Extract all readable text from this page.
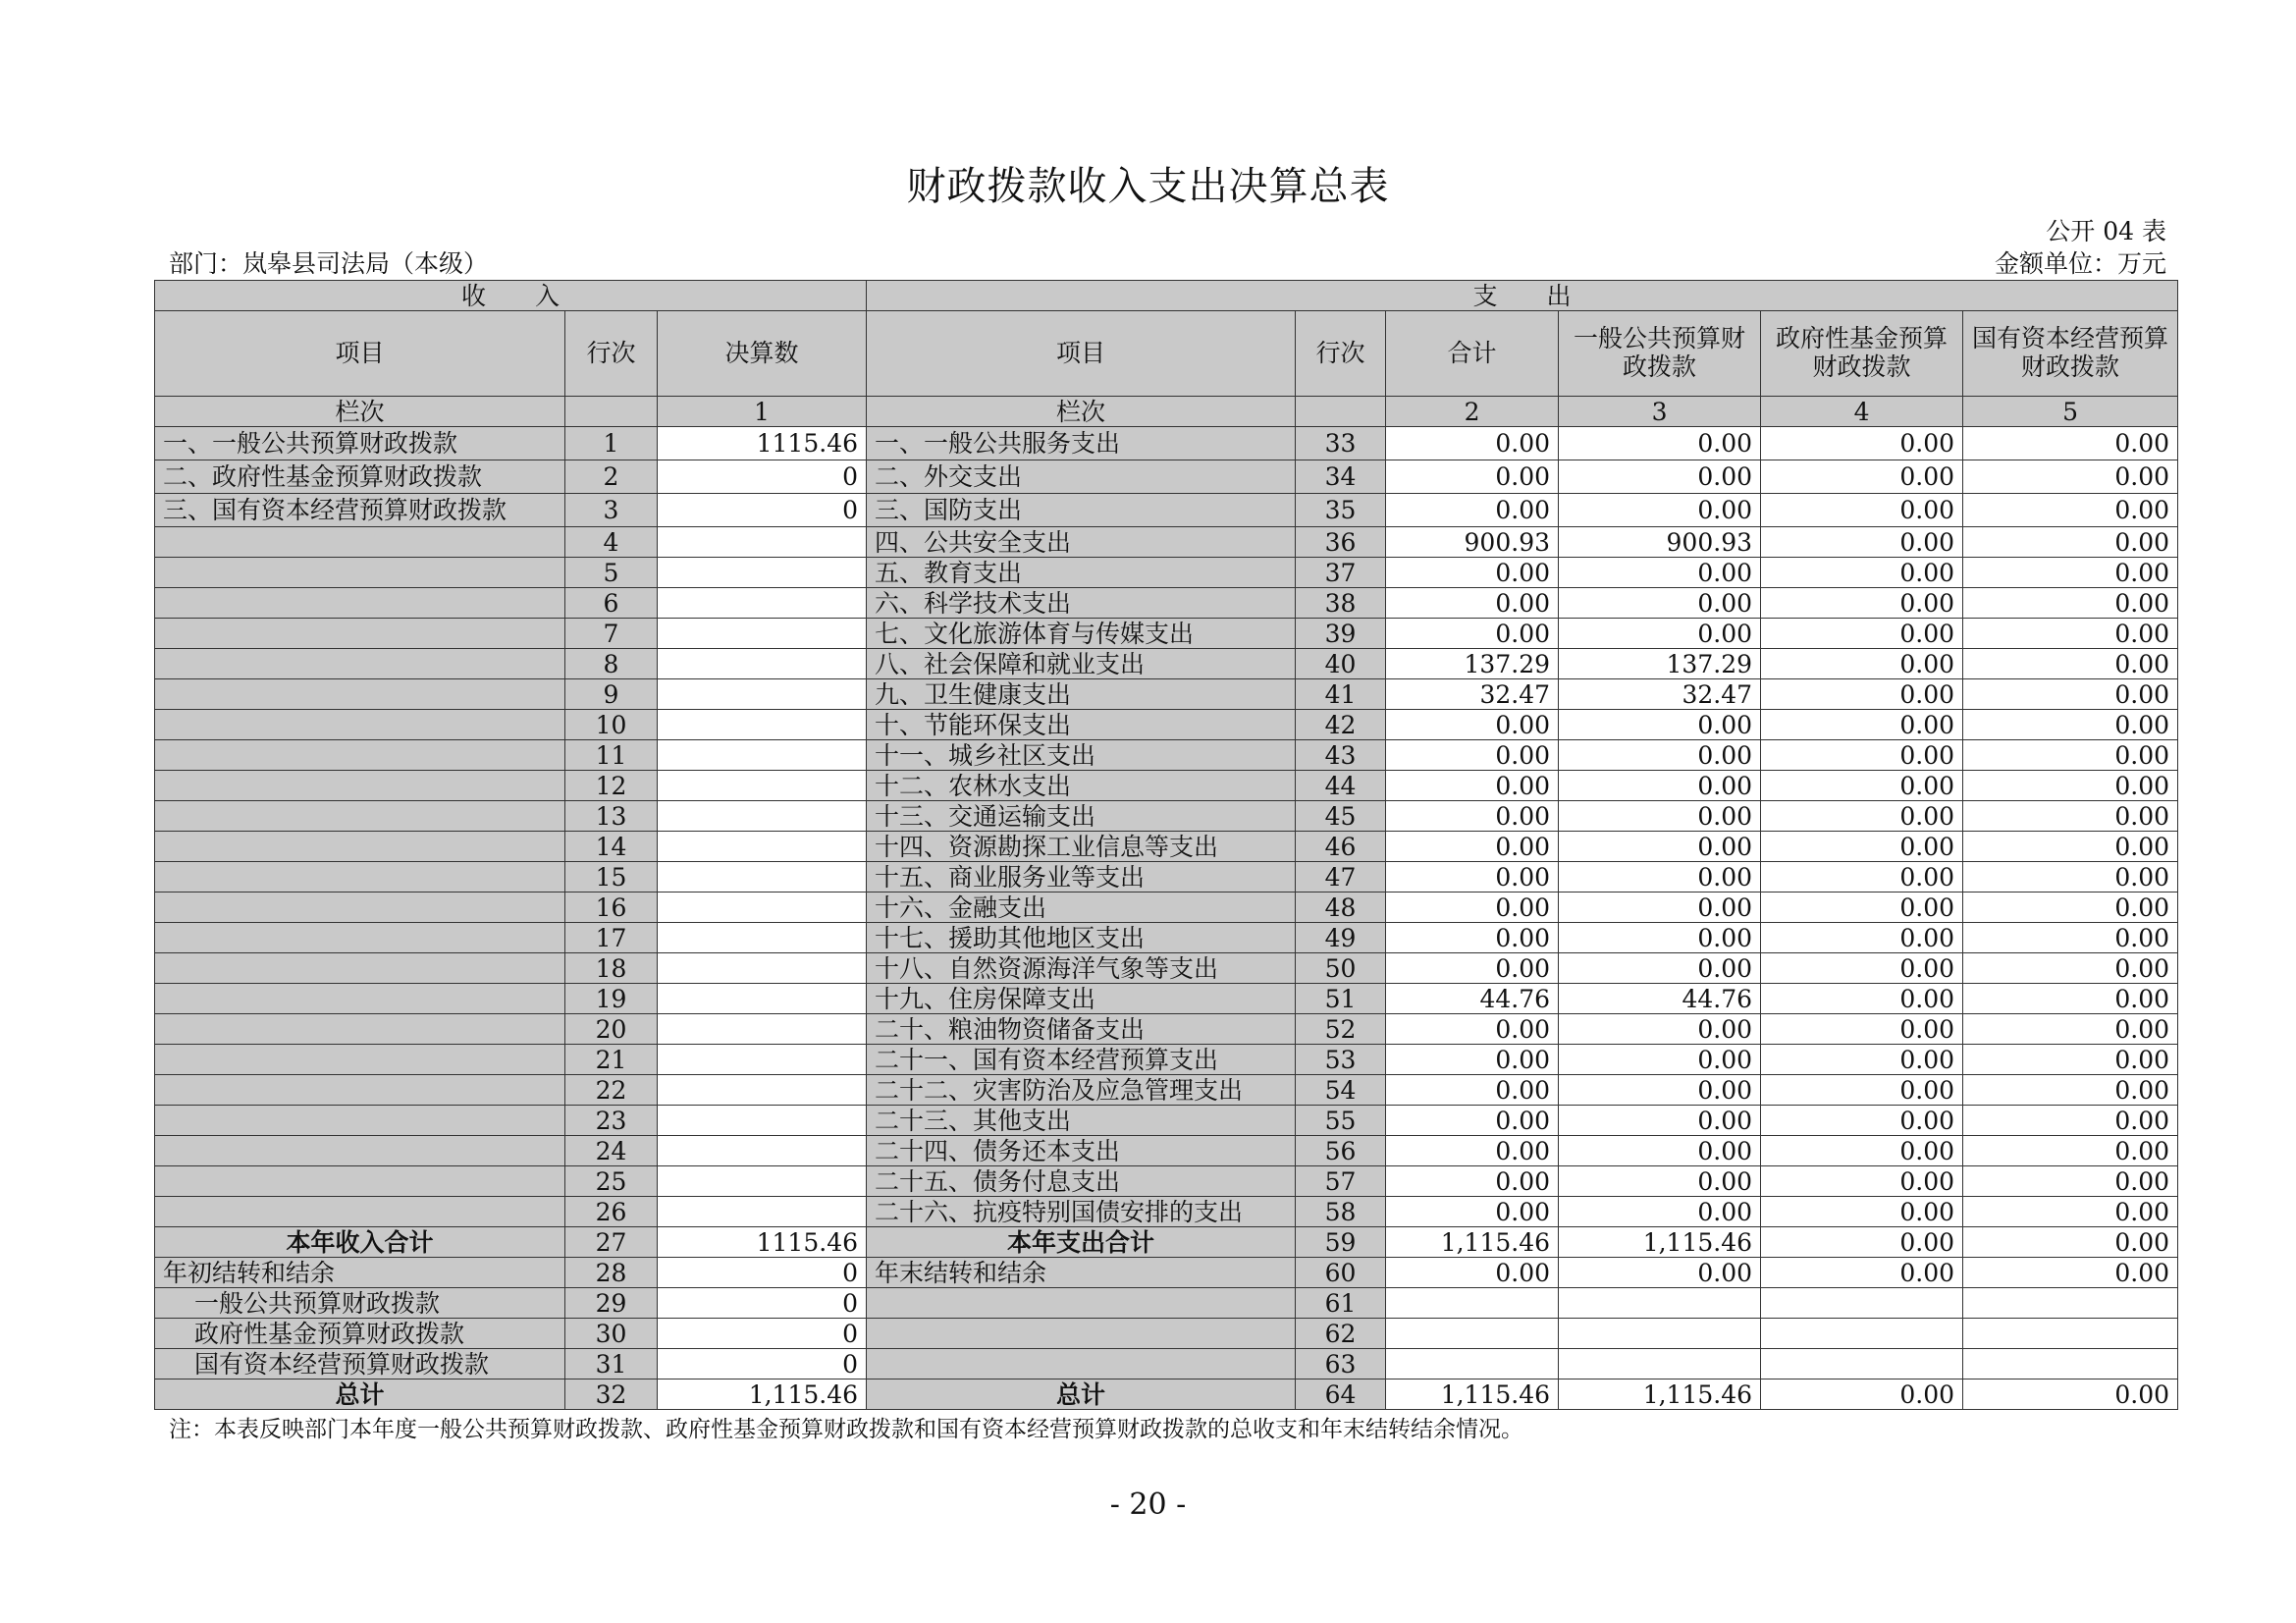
财政拨款收入支出决算总表
公开 04 表
部门：岚皋县司法局（本级）	金额单位：万元
收　　入			支　　出					
项目	行次	决算数	项目	行次	合计	一般公共预算财政拨款	政府性基金预算财政拨款	国有资本经营预算财政拨款
栏次		1	栏次		2	3	4	5
一、一般公共预算财政拨款	1	1115.46	一、一般公共服务支出	33	0.00	0.00	0.00	0.00
二、政府性基金预算财政拨款	2	0	二、外交支出	34	0.00	0.00	0.00	0.00
三、国有资本经营预算财政拨款	3	0	三、国防支出	35	0.00	0.00	0.00	0.00
	4		四、公共安全支出	36	900.93	900.93	0.00	0.00
	5		五、教育支出	37	0.00	0.00	0.00	0.00
	6		六、科学技术支出	38	0.00	0.00	0.00	0.00
	7		七、文化旅游体育与传媒支出	39	0.00	0.00	0.00	0.00
	8		八、社会保障和就业支出	40	137.29	137.29	0.00	0.00
	9		九、卫生健康支出	41	32.47	32.47	0.00	0.00
	10		十、节能环保支出	42	0.00	0.00	0.00	0.00
	11		十一、城乡社区支出	43	0.00	0.00	0.00	0.00
	12		十二、农林水支出	44	0.00	0.00	0.00	0.00
	13		十三、交通运输支出	45	0.00	0.00	0.00	0.00
	14		十四、资源勘探工业信息等支出	46	0.00	0.00	0.00	0.00
	15		十五、商业服务业等支出	47	0.00	0.00	0.00	0.00
	16		十六、金融支出	48	0.00	0.00	0.00	0.00
	17		十七、援助其他地区支出	49	0.00	0.00	0.00	0.00
	18		十八、自然资源海洋气象等支出	50	0.00	0.00	0.00	0.00
	19		十九、住房保障支出	51	44.76	44.76	0.00	0.00
	20		二十、粮油物资储备支出	52	0.00	0.00	0.00	0.00
	21		二十一、国有资本经营预算支出	53	0.00	0.00	0.00	0.00
	22		二十二、灾害防治及应急管理支出	54	0.00	0.00	0.00	0.00
	23		二十三、其他支出	55	0.00	0.00	0.00	0.00
	24		二十四、债务还本支出	56	0.00	0.00	0.00	0.00
	25		二十五、债务付息支出	57	0.00	0.00	0.00	0.00
	26		二十六、抗疫特别国债安排的支出	58	0.00	0.00	0.00	0.00
本年收入合计	27	1115.46	本年支出合计	59	1,115.46	1,115.46	0.00	0.00
年初结转和结余	28	0	年末结转和结余	60	0.00	0.00	0.00	0.00
一般公共预算财政拨款	29	0		61				
政府性基金预算财政拨款	30	0		62				
国有资本经营预算财政拨款	31	0		63				
总计	32	1,115.46	总计	64	1,115.46	1,115.46	0.00	0.00
注：本表反映部门本年度一般公共预算财政拨款、政府性基金预算财政拨款和国有资本经营预算财政拨款的总收支和年末结转结余情况。
- 20 -
